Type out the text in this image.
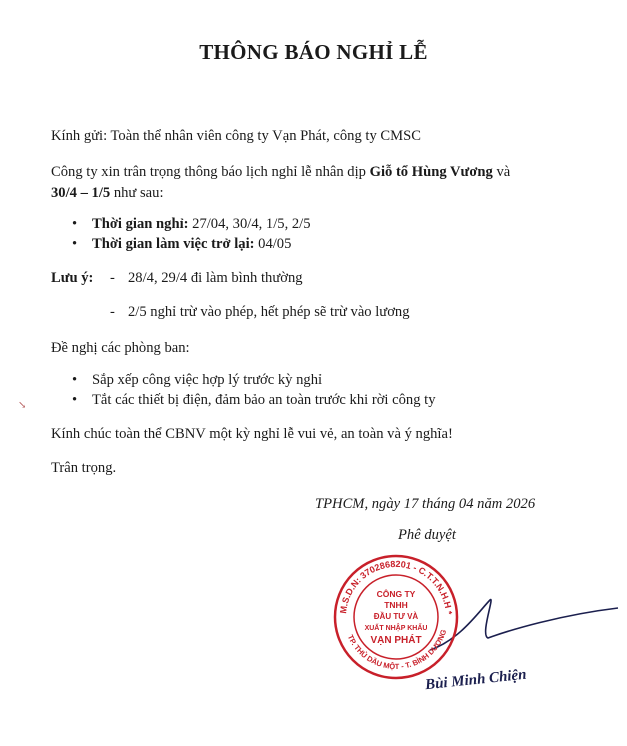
THÔNG BÁO NGHỈ LỄ
Kính gửi: Toàn thể nhân viên công ty Vạn Phát, công ty CMSC
Công ty xin trân trọng thông báo lịch nghỉ lễ nhân dịp Giỗ tổ Hùng Vương và
30/4 – 1/5 như sau:
• Thời gian nghỉ: 27/04, 30/4, 1/5, 2/5
• Thời gian làm việc trở lại: 04/05
Lưu ý: - 28/4, 29/4 đi làm bình thường
- 2/5 nghỉ trừ vào phép, hết phép sẽ trừ vào lương
Đề nghị các phòng ban:
• Sắp xếp công việc hợp lý trước kỳ nghỉ
• Tắt các thiết bị điện, đảm bảo an toàn trước khi rời công ty
Kính chúc toàn thể CBNV một kỳ nghỉ lễ vui vẻ, an toàn và ý nghĩa!
Trân trọng.
TPHCM, ngày 17 tháng 04 năm 2026
Phê duyệt
↘
M.S.D.N: 3702868201 - C.T.T.N.H.H *
TP. THỦ DẦU MỘT - T. BÌNH DƯƠNG
CÔNG TY
TNHH
ĐẦU TƯ VÀ
XUẤT NHẬP KHẨU
VẠN PHÁT
Bùi Minh Chiện
